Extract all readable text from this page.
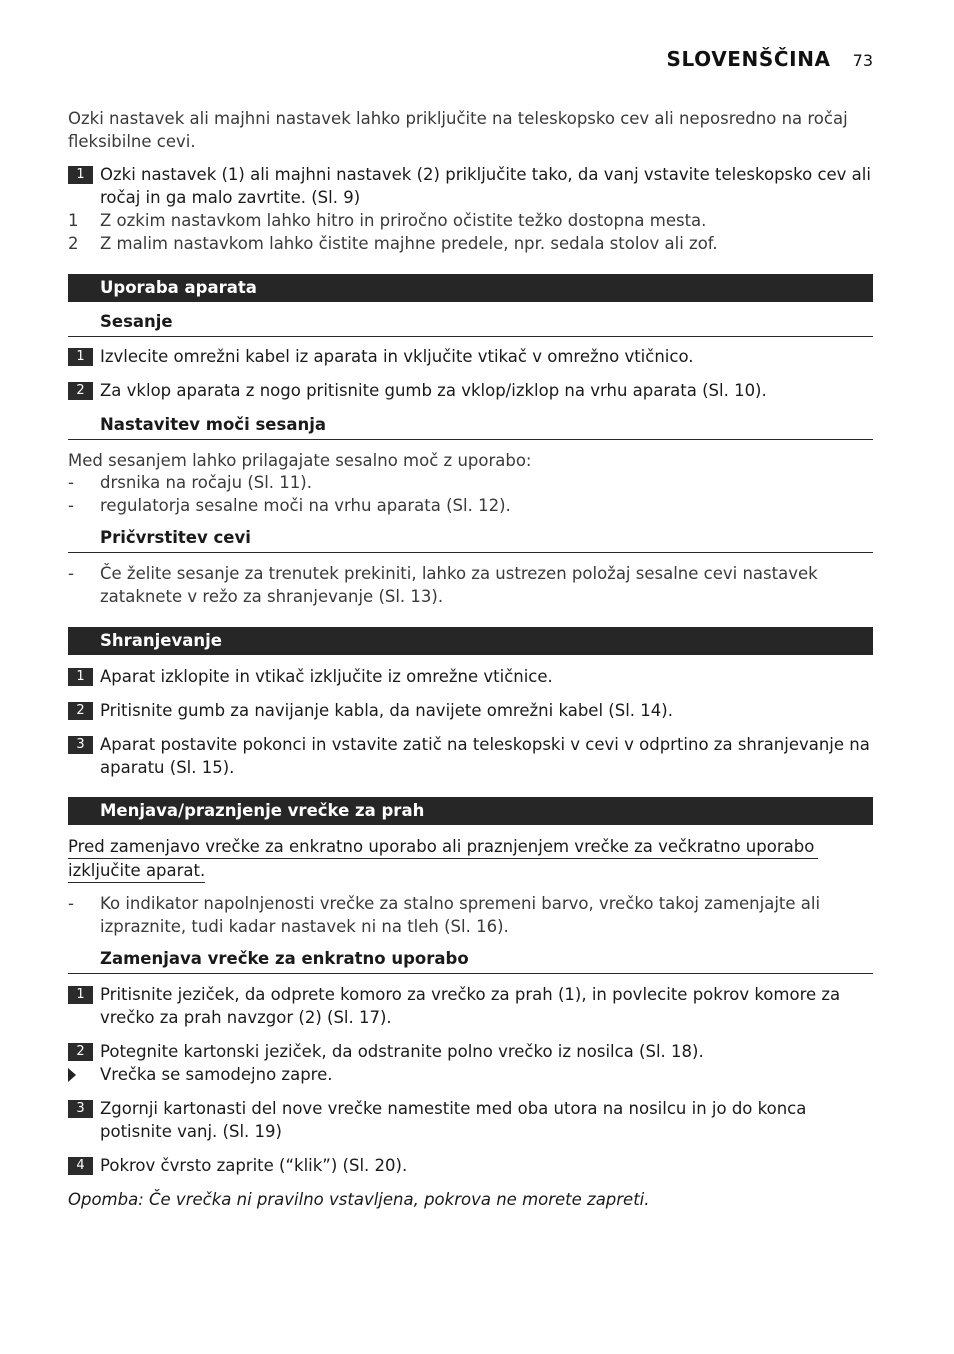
SLOVENŠČINA 73
Ozki nastavek ali majhni nastavek lahko priključite na teleskopsko cev ali neposredno na ročaj fleksibilne cevi.
1 Ozki nastavek (1) ali majhni nastavek (2) priključite tako, da vanj vstavite teleskopsko cev ali ročaj in ga malo zavrtite. (Sl. 9)
1	Z ozkim nastavkom lahko hitro in priročno očistite težko dostopna mesta.
2	Z malim nastavkom lahko čistite majhne predele, npr. sedala stolov ali zof.
Uporaba aparata
Sesanje
1 Izvlecite omrežni kabel iz aparata in vključite vtikač v omrežno vtičnico.
2 Za vklop aparata z nogo pritisnite gumb za vklop/izklop na vrhu aparata (Sl. 10).
Nastavitev moči sesanja
Med sesanjem lahko prilagajate sesalno moč z uporabo:
-	drsnika na ročaju (Sl. 11).
-	regulatorja sesalne moči na vrhu aparata (Sl. 12).
Pričvrstitev cevi
-	Če želite sesanje za trenutek prekiniti, lahko za ustrezen položaj sesalne cevi nastavek zataknete v režo za shranjevanje (Sl. 13).
Shranjevanje
1 Aparat izklopite in vtikač izključite iz omrežne vtičnice.
2 Pritisnite gumb za navijanje kabla, da navijete omrežni kabel (Sl. 14).
3 Aparat postavite pokonci in vstavite zatič na teleskopski v cevi v odprtino za shranjevanje na aparatu (Sl. 15).
Menjava/praznjenje vrečke za prah
Pred zamenjavo vrečke za enkratno uporabo ali praznjenjem vrečke za večkratno uporabo
izključite aparat.
-	Ko indikator napolnjenosti vrečke za stalno spremeni barvo, vrečko takoj zamenjajte ali izpraznite, tudi kadar nastavek ni na tleh (Sl. 16).
Zamenjava vrečke za enkratno uporabo
1 Pritisnite jeziček, da odprete komoro za vrečko za prah (1), in povlecite pokrov komore za vrečko za prah navzgor (2) (Sl. 17).
2 Potegnite kartonski jeziček, da odstranite polno vrečko iz nosilca (Sl. 18).
Vrečka se samodejno zapre.
3 Zgornji kartonasti del nove vrečke namestite med oba utora na nosilcu in jo do konca potisnite vanj. (Sl. 19)
4 Pokrov čvrsto zaprite (“klik”) (Sl. 20).
Opomba: Če vrečka ni pravilno vstavljena, pokrova ne morete zapreti.
